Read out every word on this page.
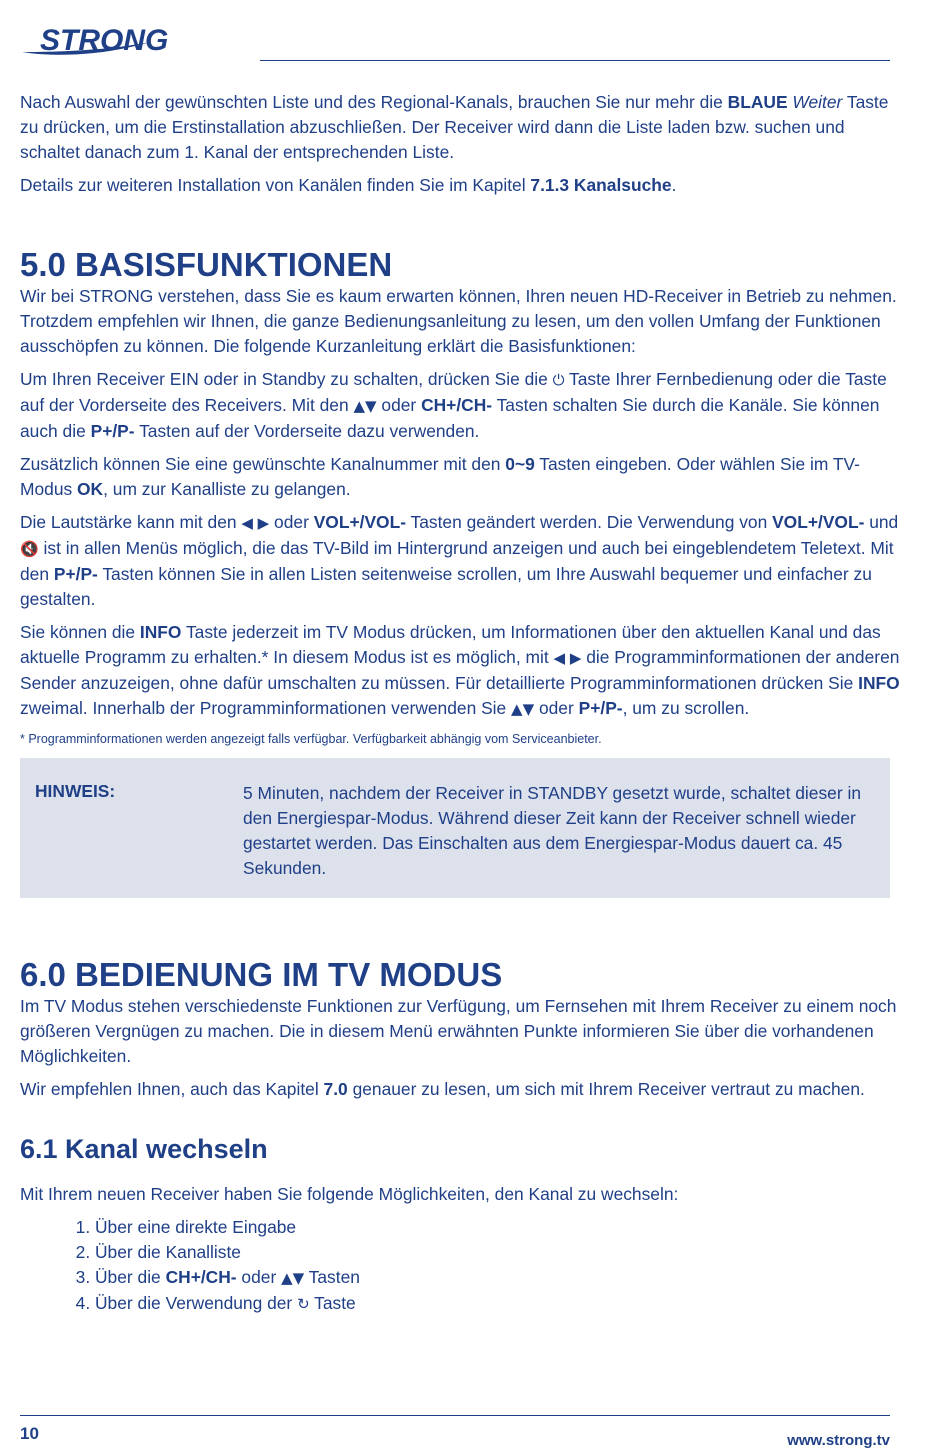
STRONG

Nach Auswahl der gewünschten Liste und des Regional-Kanals, brauchen Sie nur mehr die BLAUE Weiter Taste zu drücken, um die Erstinstallation abzuschließen. Der Receiver wird dann die Liste laden bzw. suchen und schaltet danach zum 1. Kanal der entsprechenden Liste.

Details zur weiteren Installation von Kanälen finden Sie im Kapitel 7.1.3 Kanalsuche.

5.0 BASISFUNKTIONEN

Wir bei STRONG verstehen, dass Sie es kaum erwarten können, Ihren neuen HD-Receiver in Betrieb zu nehmen. Trotzdem empfehlen wir Ihnen, die ganze Bedienungsanleitung zu lesen, um den vollen Umfang der Funktionen ausschöpfen zu können. Die folgende Kurzanleitung erklärt die Basisfunktionen:

Um Ihren Receiver EIN oder in Standby zu schalten, drücken Sie die ⏻ Taste Ihrer Fernbedienung oder die Taste auf der Vorderseite des Receivers. Mit den ▲▼ oder CH+/CH- Tasten schalten Sie durch die Kanäle. Sie können auch die P+/P- Tasten auf der Vorderseite dazu verwenden.

Zusätzlich können Sie eine gewünschte Kanalnummer mit den 0~9 Tasten eingeben. Oder wählen Sie im TV-Modus OK, um zur Kanalliste zu gelangen.

Die Lautstärke kann mit den ◀ ▶ oder VOL+/VOL- Tasten geändert werden. Die Verwendung von VOL+/VOL- und 🔇 ist in allen Menüs möglich, die das TV-Bild im Hintergrund anzeigen und auch bei eingeblendetem Teletext. Mit den P+/P- Tasten können Sie in allen Listen seitenweise scrollen, um Ihre Auswahl bequemer und einfacher zu gestalten.

Sie können die INFO Taste jederzeit im TV Modus drücken, um Informationen über den aktuellen Kanal und das aktuelle Programm zu erhalten.* In diesem Modus ist es möglich, mit ◀ ▶ die Programminformationen der anderen Sender anzuzeigen, ohne dafür umschalten zu müssen. Für detaillierte Programminformationen drücken Sie INFO zweimal. Innerhalb der Programminformationen verwenden Sie ▲▼ oder P+/P-, um zu scrollen.

* Programminformationen werden angezeigt falls verfügbar. Verfügbarkeit abhängig vom Serviceanbieter.

HINWEIS:	5 Minuten, nachdem der Receiver in STANDBY gesetzt wurde, schaltet dieser in den Energiespar-Modus. Während dieser Zeit kann der Receiver schnell wieder gestartet werden. Das Einschalten aus dem Energiespar-Modus dauert ca. 45 Sekunden.
6.0 BEDIENUNG IM TV MODUS

Im TV Modus stehen verschiedenste Funktionen zur Verfügung, um Fernsehen mit Ihrem Receiver zu einem noch größeren Vergnügen zu machen. Die in diesem Menü erwähnten Punkte informieren Sie über die vorhandenen Möglichkeiten.

Wir empfehlen Ihnen, auch das Kapitel 7.0 genauer zu lesen, um sich mit Ihrem Receiver vertraut zu machen.

6.1 Kanal wechseln

Mit Ihrem neuen Receiver haben Sie folgende Möglichkeiten, den Kanal zu wechseln:

1. Über eine direkte Eingabe
2. Über die Kanalliste
3. Über die CH+/CH- oder ▲▼ Tasten
4. Über die Verwendung der ↻ Taste
10	www.strong.tv
